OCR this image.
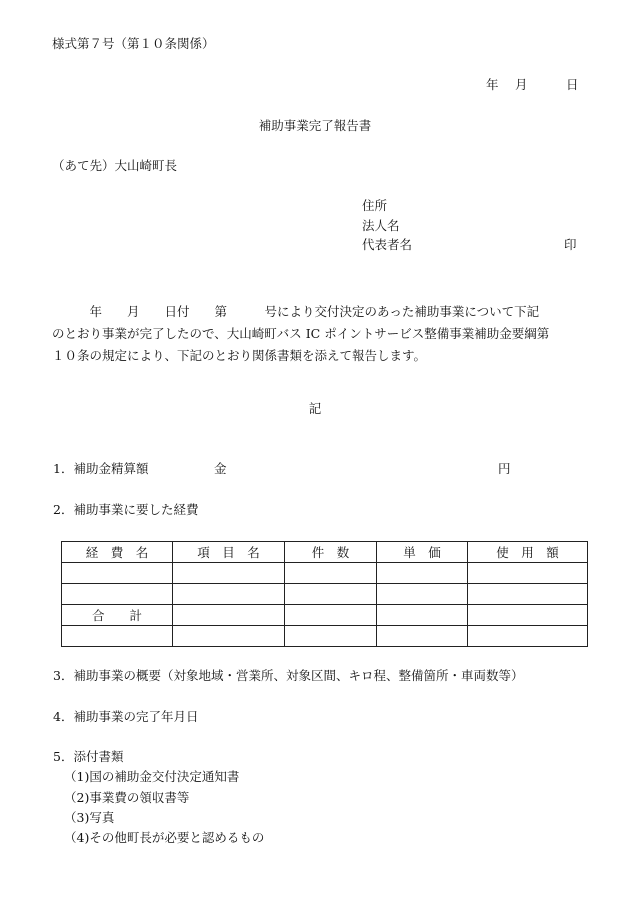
様式第７号（第１０条関係）
年 月	日
補助事業完了報告書
（あて先）大山崎町長
住所
法人名
代表者名	印
　　　年　　月　　日付　　第　　　号により交付決定のあった補助事業について下記
のとおり事業が完了したので、大山崎町バス IC ポイントサービス整備事業補助金要綱第
１０条の規定により、下記のとおり関係書類を添えて報告します。
記
1．補助金精算額	金	円
2．補助事業に要した経費
経　費　名	項　目　名	件　数	単　価	使　用　額

合　　計				

3．補助事業の概要（対象地域・営業所、対象区間、キロ程、整備箇所・車両数等）
4．補助事業の完了年月日
5．添付書類
（1)国の補助金交付決定通知書
（2)事業費の領収書等
（3)写真
（4)その他町長が必要と認めるもの
